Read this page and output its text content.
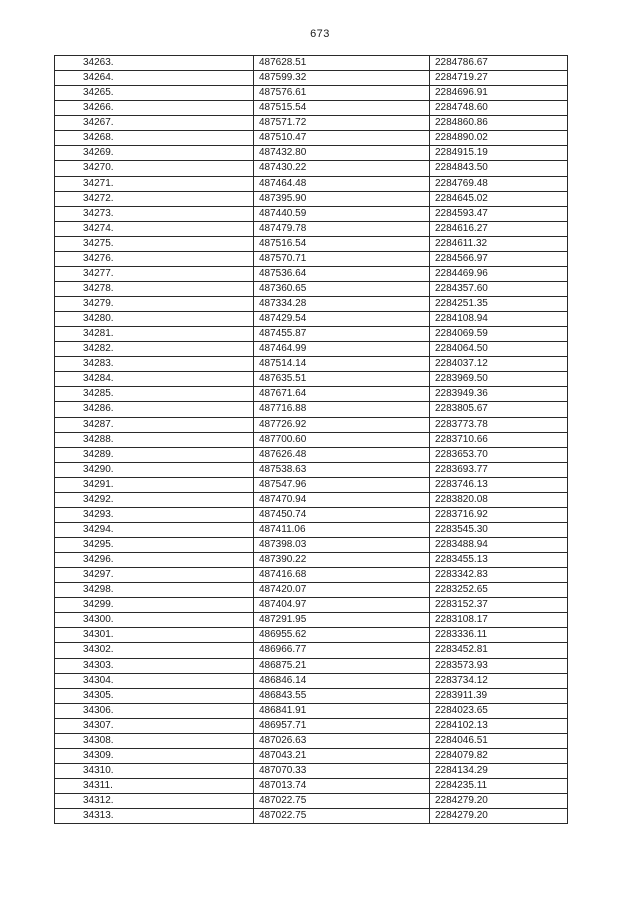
673
34263.	487628.51	2284786.67
34264.	487599.32	2284719.27
34265.	487576.61	2284696.91
34266.	487515.54	2284748.60
34267.	487571.72	2284860.86
34268.	487510.47	2284890.02
34269.	487432.80	2284915.19
34270.	487430.22	2284843.50
34271.	487464.48	2284769.48
34272.	487395.90	2284645.02
34273.	487440.59	2284593.47
34274.	487479.78	2284616.27
34275.	487516.54	2284611.32
34276.	487570.71	2284566.97
34277.	487536.64	2284469.96
34278.	487360.65	2284357.60
34279.	487334.28	2284251.35
34280.	487429.54	2284108.94
34281.	487455.87	2284069.59
34282.	487464.99	2284064.50
34283.	487514.14	2284037.12
34284.	487635.51	2283969.50
34285.	487671.64	2283949.36
34286.	487716.88	2283805.67
34287.	487726.92	2283773.78
34288.	487700.60	2283710.66
34289.	487626.48	2283653.70
34290.	487538.63	2283693.77
34291.	487547.96	2283746.13
34292.	487470.94	2283820.08
34293.	487450.74	2283716.92
34294.	487411.06	2283545.30
34295.	487398.03	2283488.94
34296.	487390.22	2283455.13
34297.	487416.68	2283342.83
34298.	487420.07	2283252.65
34299.	487404.97	2283152.37
34300.	487291.95	2283108.17
34301.	486955.62	2283336.11
34302.	486966.77	2283452.81
34303.	486875.21	2283573.93
34304.	486846.14	2283734.12
34305.	486843.55	2283911.39
34306.	486841.91	2284023.65
34307.	486957.71	2284102.13
34308.	487026.63	2284046.51
34309.	487043.21	2284079.82
34310.	487070.33	2284134.29
34311.	487013.74	2284235.11
34312.	487022.75	2284279.20
34313.	487022.75	2284279.20
